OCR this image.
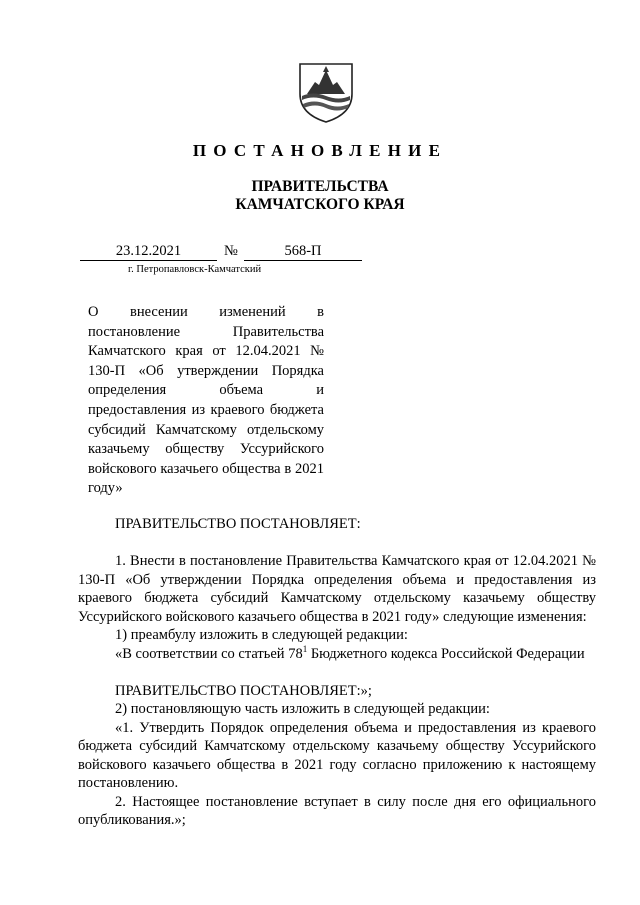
ПОСТАНОВЛЕНИЕ
ПРАВИТЕЛЬСТВА
КАМЧАТСКОГО КРАЯ
23.12.2021	№	568-П
г. Петропавловск-Камчатский
О внесении изменений в постановление Правительства Камчатского края от 12.04.2021 № 130-П «Об утверждении Порядка определения объема и предоставления из краевого бюджета субсидий Камчатскому отдельскому казачьему обществу Уссурийского войскового казачьего общества в 2021 году»

ПРАВИТЕЛЬСТВО ПОСТАНОВЛЯЕТ:

1. Внести в постановление Правительства Камчатского края от 12.04.2021 № 130-П «Об утверждении Порядка определения объема и предоставления из краевого бюджета субсидий Камчатскому отдельскому казачьему обществу Уссурийского войскового казачьего общества в 2021 году» следующие изменения:

1) преамбулу изложить в следующей редакции:

«В соответствии со статьей $78^1$ Бюджетного кодекса Российской Федерации

ПРАВИТЕЛЬСТВО ПОСТАНОВЛЯЕТ:»;

2) постановляющую часть изложить в следующей редакции:

«1. Утвердить Порядок определения объема и предоставления из краевого бюджета субсидий Камчатскому отдельскому казачьему обществу Уссурийского войскового казачьего общества в 2021 году согласно приложению к настоящему постановлению.

2. Настоящее постановление вступает в силу после дня его официального опубликования.»;
